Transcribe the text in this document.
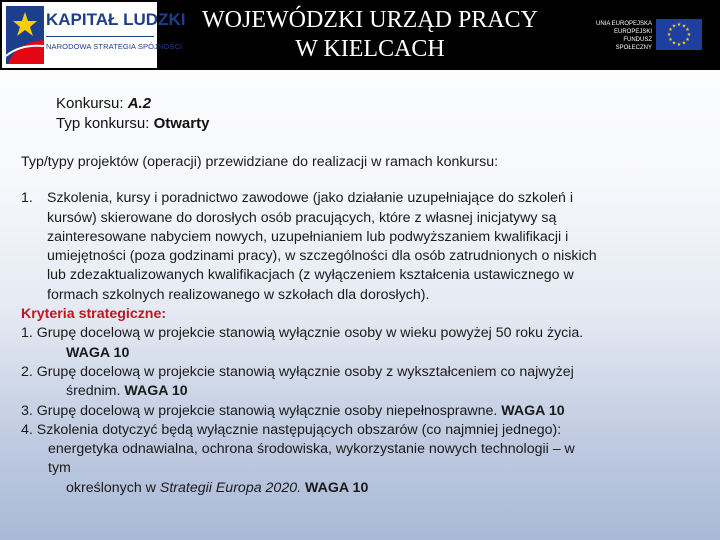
KAPITAŁ LUDZKI
NARODOWA STRATEGIA SPÓJNOŚCI
WOJEWÓDZKI URZĄD PRACY
W KIELCACH
UNIA EUROPEJSKA
EUROPEJSKI
FUNDUSZ SPOŁECZNY
★ ★
★
★
★
★
★
★
★
★
★
★
Konkursu: A.2
Typ konkursu: Otwarty
Typ/typy projektów (operacji) przewidziane do realizacji w ramach konkursu:
1. Szkolenia, kursy i poradnictwo zawodowe (jako działanie uzupełniające do szkoleń i
kursów) skierowane do dorosłych osób pracujących, które z własnej inicjatywy są
zainteresowane nabyciem nowych, uzupełnianiem lub podwyższaniem kwalifikacji i
umiejętności (poza godzinami pracy), w szczególności dla osób zatrudnionych o niskich
lub zdezaktualizowanych kwalifikacjach (z wyłączeniem kształcenia ustawicznego w
formach szkolnych realizowanego w szkołach dla dorosłych).
Kryteria strategiczne:
1. Grupę docelową w projekcie stanowią wyłącznie osoby w wieku powyżej 50 roku życia.
WAGA 10
2. Grupę docelową w projekcie stanowią wyłącznie osoby z wykształceniem co najwyżej
średnim. WAGA 10
3. Grupę docelową w projekcie stanowią wyłącznie osoby niepełnosprawne. WAGA 10
4. Szkolenia dotyczyć będą wyłącznie następujących obszarów (co najmniej jednego):
energetyka odnawialna, ochrona środowiska, wykorzystanie nowych technologii – w
tym
określonych w Strategii Europa 2020. WAGA 10
